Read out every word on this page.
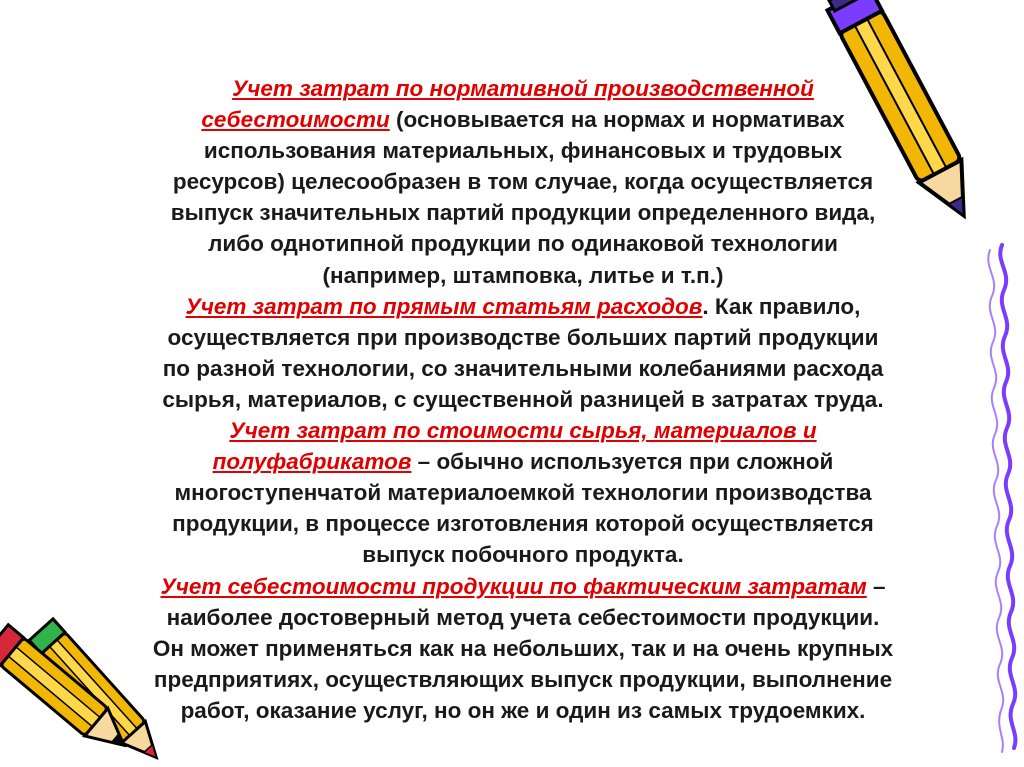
Учет затрат по нормативной производственной
себестоимости (основывается на нормах и нормативах
использования материальных, финансовых и трудовых
ресурсов) целесообразен в том случае, когда осуществляется
выпуск значительных партий продукции определенного вида,
либо однотипной продукции по одинаковой технологии
(например, штамповка, литье и т.п.)

Учет затрат по прямым статьям расходов. Как правило,
осуществляется при производстве больших партий продукции
по разной технологии, со значительными колебаниями расхода
сырья, материалов, с существенной разницей в затратах труда.

Учет затрат по стоимости сырья, материалов и
полуфабрикатов – обычно используется при сложной
многоступенчатой материалоемкой технологии производства
продукции, в процессе изготовления которой осуществляется
выпуск побочного продукта.

Учет себестоимости продукции по фактическим затратам –
наиболее достоверный метод учета себестоимости продукции.
Он может применяться как на небольших, так и на очень крупных
предприятиях, осуществляющих выпуск продукции, выполнение
работ, оказание услуг, но он же и один из самых трудоемких.
